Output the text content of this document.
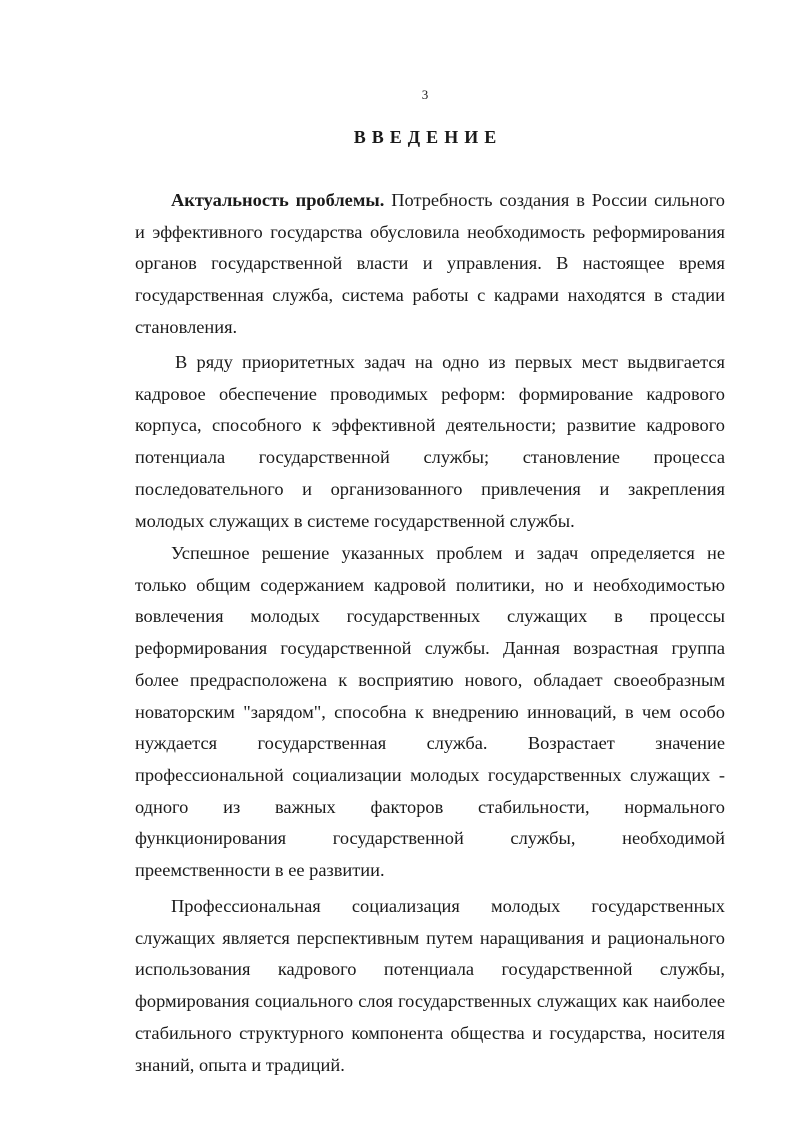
3
ВВЕДЕНИЕ

Актуальность проблемы. Потребность создания в России сильного и эффективного государства обусловила необходимость реформирования органов государственной власти и управления. В настоящее время государственная служба, система работы с кадрами находятся в стадии становления.

В ряду приоритетных задач на одно из первых мест выдвигается кадровое обеспечение проводимых реформ: формирование кадрового корпуса, способного к эффективной деятельности; развитие кадрового потенциала государственной службы; становление процесса последовательного и организованного привлечения и закрепления молодых служащих в системе государственной службы.

Успешное решение указанных проблем и задач определяется не только общим содержанием кадровой политики, но и необходимостью вовлечения молодых государственных служащих в процессы реформирования государственной службы. Данная возрастная группа более предрасположена к восприятию нового, обладает своеобразным новаторским "зарядом", способна к внедрению инноваций, в чем особо нуждается государственная служба. Возрастает значение профессиональной социализации молодых государственных служащих - одного из важных факторов стабильности, нормального функционирования государственной службы, необходимой преемственности в ее развитии.

Профессиональная социализация молодых государственных служащих является перспективным путем наращивания и рационального использования кадрового потенциала государственной службы, формирования социального слоя государственных служащих как наиболее стабильного структурного компонента общества и государства, носителя знаний, опыта и традиций.
